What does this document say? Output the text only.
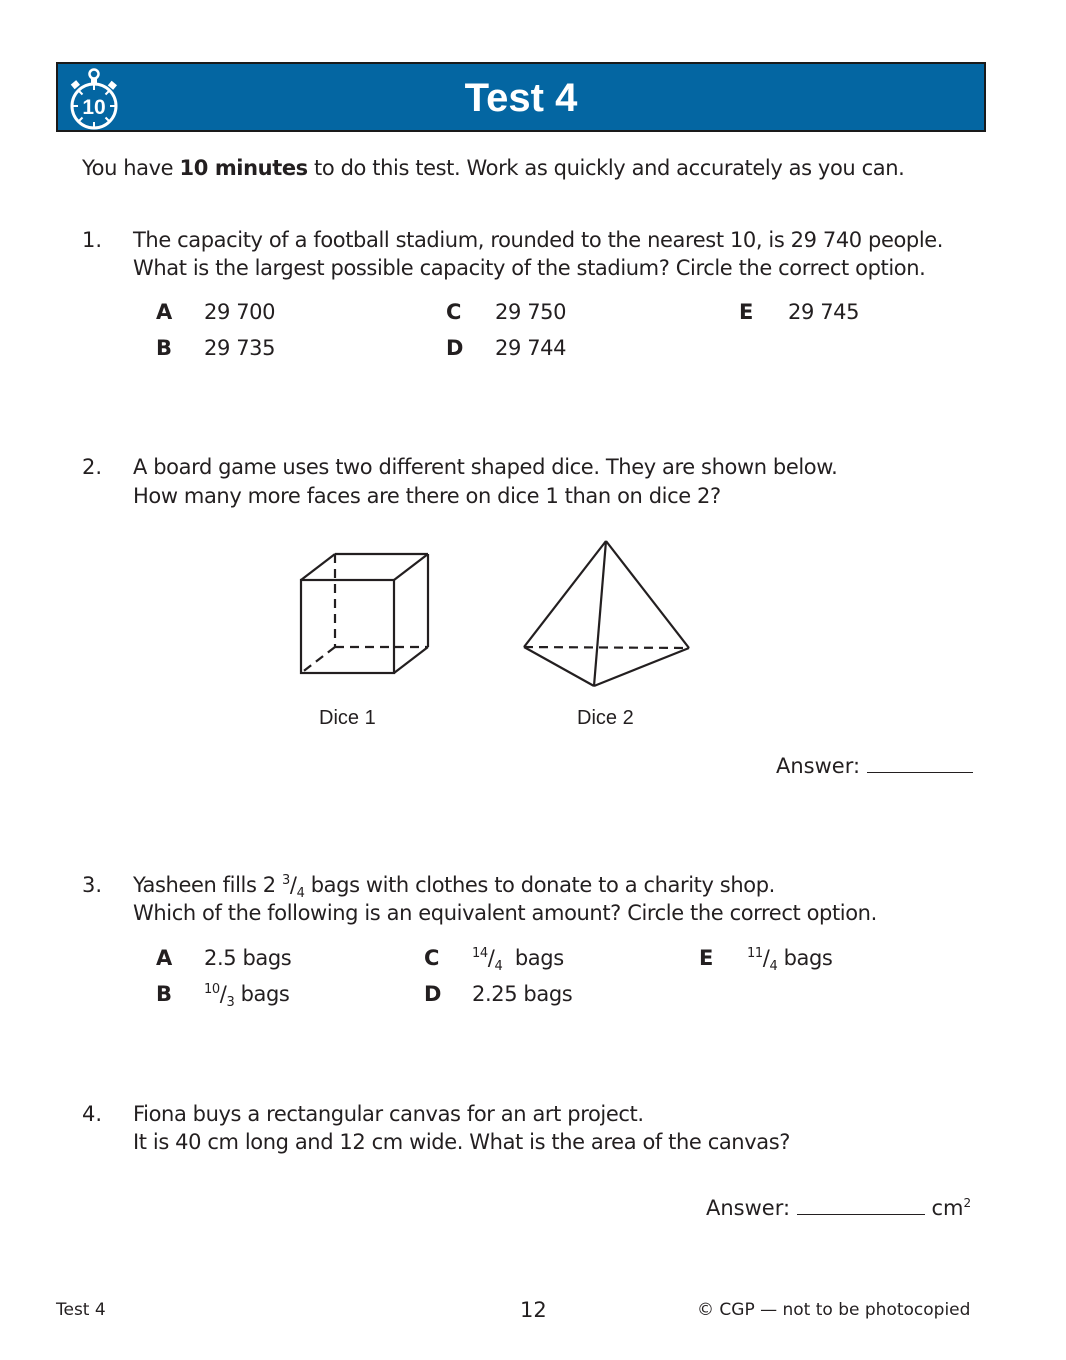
10	Test 4
You have 10 minutes to do this test. Work as quickly and accurately as you can.
1. The capacity of a football stadium, rounded to the nearest 10, is 29 740 people.
What is the largest possible capacity of the stadium? Circle the correct option.
A 29 700
B 29 735
C 29 750
D 29 744
E 29 745
2. A board game uses two different shaped dice. They are shown below.
How many more faces are there on dice 1 than on dice 2?
Dice 1	Dice 2
Answer:
3. Yasheen fills 2 $^3/_4$ bags with clothes to donate to a charity shop.
Which of the following is an equivalent amount? Circle the correct option.
A 2.5 bags
B $^{10}/_3$ bags
C	$^{14}/_4$  bags
D 2.25 bags
E	$^{11}/_4$ bags
4. Fiona buys a rectangular canvas for an art project.
It is 40 cm long and 12 cm wide. What is the area of the canvas?
Answer:	$cm^2$
Test 4	12	© CGP — not to be photocopied
